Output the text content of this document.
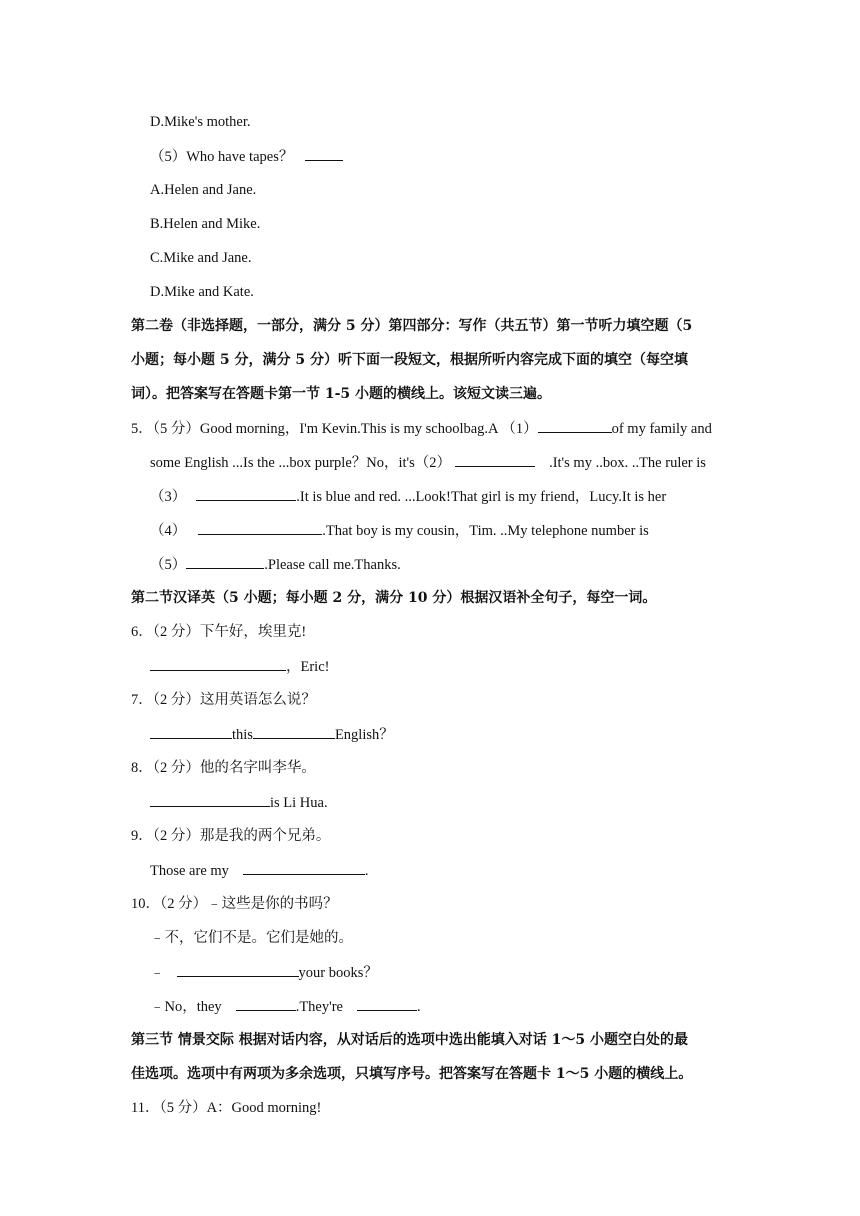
D.Mike's mother.
（5）Who have tapes？
A.Helen and Jane.
B.Helen and Mike.
C.Mike and Jane.
D.Mike and Kate.
第二卷（非选择题，一部分，满分 5 分）第四部分：写作（共五节）第一节听力填空题（5
小题；每小题 5 分，满分 5 分）听下面一段短文，根据所听内容完成下面的填空（每空填
词）。把答案写在答题卡第一节 1-5 小题的横线上。该短文读三遍。
5．（5 分）Good morning，I'm Kevin.This is my schoolbag.A （1）	of my family and
some English ...Is the ...box purple？No，it's（2）	.It's my ..box. ..The ruler is
（3）	.It is blue and red. ...Look!That girl is my friend，Lucy.It is her
（4）	.That boy is my cousin，Tim. ..My telephone number is
（5）	.Please call me.Thanks.
第二节汉译英（5 小题；每小题 2 分，满分 10 分）根据汉语补全句子，每空一词。
6．（2 分）下午好，埃里克!
，Eric!
7．（2 分）这用英语怎么说？
this	English？
8．（2 分）他的名字叫李华。
is Li Hua.
9．（2 分）那是我的两个兄弟。
Those are my	.
10．（2 分）﹣这些是你的书吗？
﹣不，它们不是。它们是她的。
﹣	your books？
﹣No，they	.They're	.
第三节 情景交际 根据对话内容，从对话后的选项中选出能填入对话 1～5 小题空白处的最
佳选项。选项中有两项为多余选项，只填写序号。把答案写在答题卡 1～5 小题的横线上。
11．（5 分）A：Good morning!
